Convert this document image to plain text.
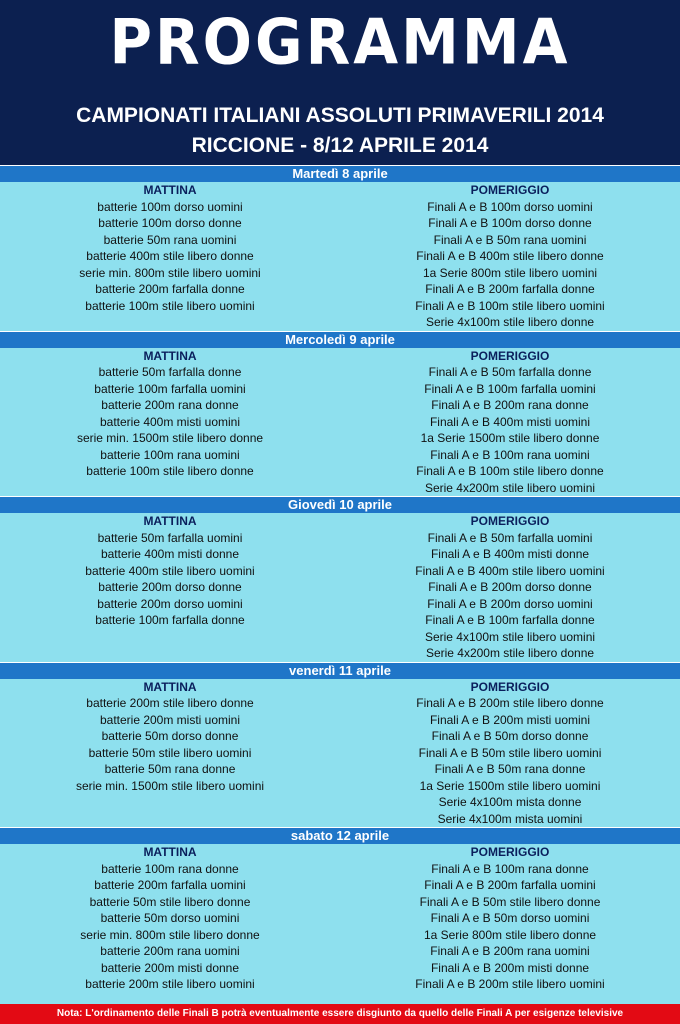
PROGRAMMA
CAMPIONATI ITALIANI ASSOLUTI PRIMAVERILI 2014
RICCIONE - 8/12 APRILE 2014
Martedì 8 aprile
MATTINA
batterie 100m dorso uomini
batterie 100m dorso donne
batterie 50m rana uomini
batterie 400m stile libero donne
serie min. 800m stile libero uomini
batterie 200m farfalla donne
batterie 100m stile libero uomini
POMERIGGIO
Finali A e B 100m dorso uomini
Finali A e B 100m dorso donne
Finali A e B 50m rana uomini
Finali A e B 400m stile libero donne
1a Serie 800m stile libero uomini
Finali A e B 200m farfalla donne
Finali A e B 100m stile libero uomini
Serie 4x100m stile libero donne
Mercoledì 9 aprile
MATTINA
batterie 50m farfalla donne
batterie 100m farfalla uomini
batterie 200m rana donne
batterie 400m misti uomini
serie min. 1500m stile libero donne
batterie 100m rana uomini
batterie 100m stile libero donne
POMERIGGIO
Finali A e B 50m farfalla donne
Finali A e B 100m farfalla uomini
Finali A e B 200m rana donne
Finali A e B 400m misti uomini
1a Serie 1500m stile libero donne
Finali A e B 100m rana uomini
Finali A e B 100m stile libero donne
Serie 4x200m stile libero uomini
Giovedì 10 aprile
MATTINA
batterie 50m farfalla uomini
batterie 400m misti donne
batterie 400m stile libero uomini
batterie 200m dorso donne
batterie 200m dorso uomini
batterie 100m farfalla donne
POMERIGGIO
Finali A e B 50m farfalla uomini
Finali A e B 400m misti donne
Finali A e B 400m stile libero uomini
Finali A e B 200m dorso donne
Finali A e B 200m dorso uomini
Finali A e B 100m farfalla donne
Serie 4x100m stile libero uomini
Serie 4x200m stile libero donne
venerdì 11 aprile
MATTINA
batterie 200m stile libero donne
batterie 200m misti uomini
batterie 50m dorso donne
batterie 50m stile libero uomini
batterie 50m rana donne
serie min. 1500m stile libero uomini
POMERIGGIO
Finali A e B 200m stile libero donne
Finali A e B 200m misti uomini
Finali A e B 50m dorso donne
Finali A e B 50m stile libero uomini
Finali A e B 50m rana donne
1a Serie 1500m stile libero uomini
Serie 4x100m mista donne
Serie 4x100m mista uomini
sabato 12 aprile
MATTINA
batterie 100m rana donne
batterie 200m farfalla uomini
batterie 50m stile libero donne
batterie 50m dorso uomini
serie min. 800m stile libero donne
batterie 200m rana uomini
batterie 200m misti donne
batterie 200m stile libero uomini
POMERIGGIO
Finali A e B 100m rana donne
Finali A e B 200m farfalla uomini
Finali A e B 50m stile libero donne
Finali A e B 50m dorso uomini
1a Serie 800m stile libero donne
Finali A e B 200m rana uomini
Finali A e B 200m misti donne
Finali A e B 200m stile libero uomini
Nota: L'ordinamento delle Finali B potrà eventualmente essere disgiunto da quello delle Finali A per esigenze televisive
